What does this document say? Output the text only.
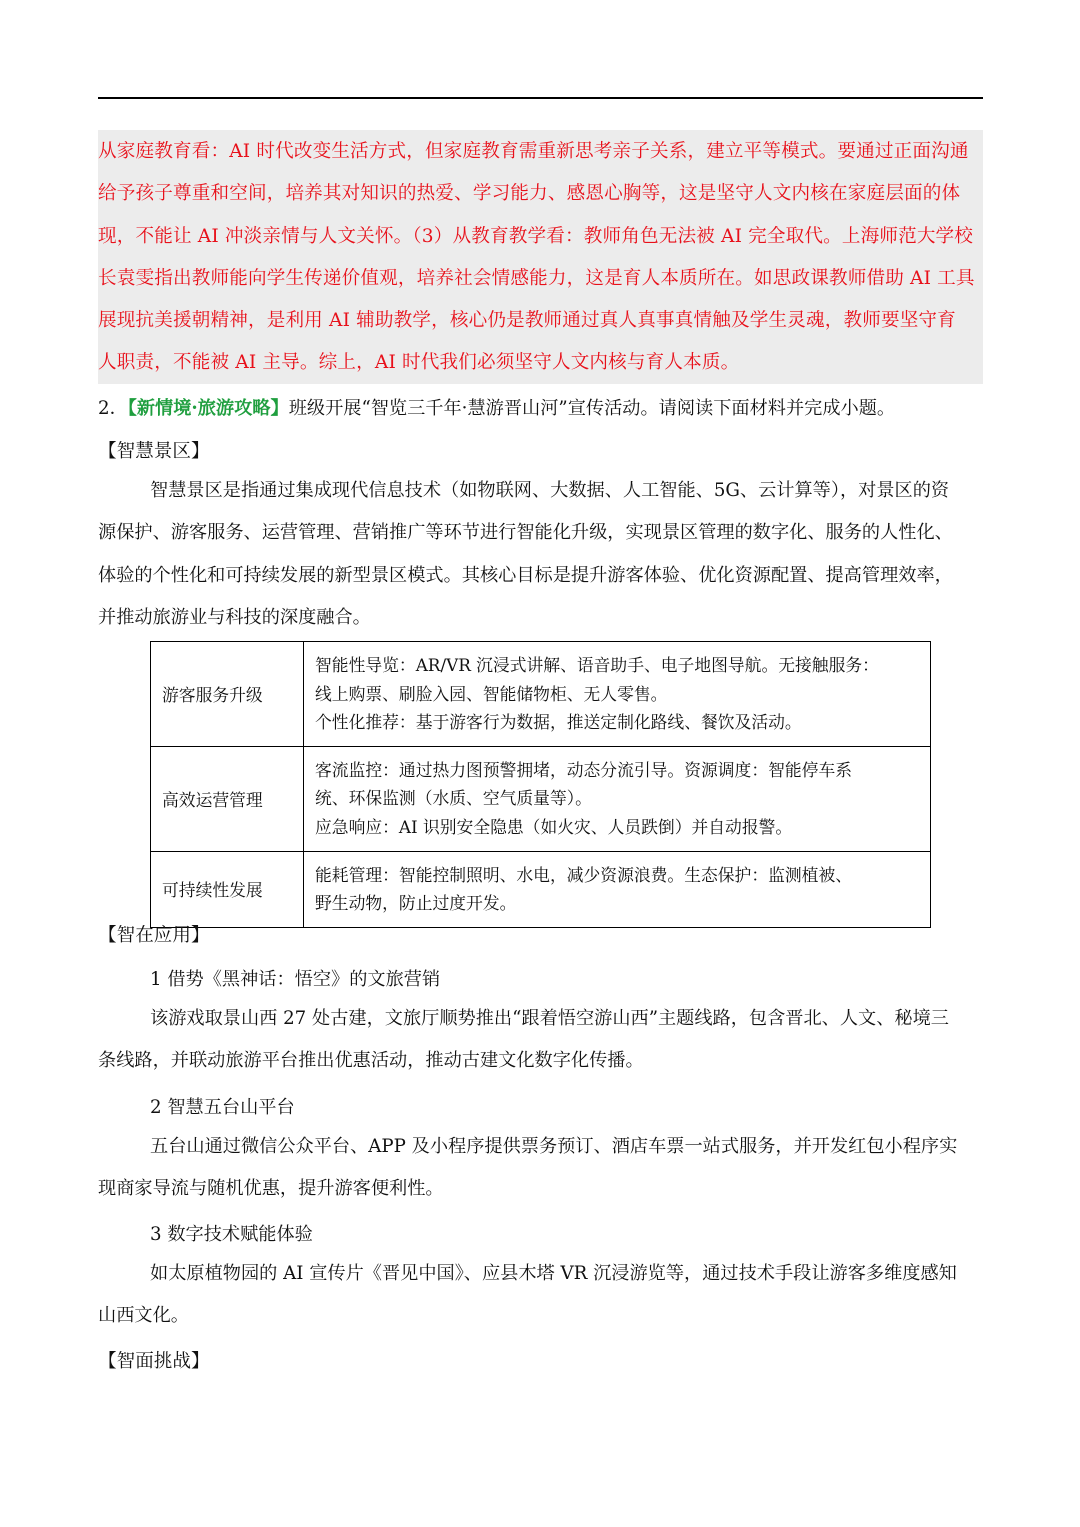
从家庭教育看：AI 时代改变生活方式，但家庭教育需重新思考亲子关系，建立平等模式。要通过正面沟通

给予孩子尊重和空间，培养其对知识的热爱、学习能力、感恩心胸等，这是坚守人文内核在家庭层面的体

现，不能让 AI 冲淡亲情与人文关怀。（3）从教育教学看：教师角色无法被 AI 完全取代。上海师范大学校

长袁雯指出教师能向学生传递价值观，培养社会情感能力，这是育人本质所在。如思政课教师借助 AI 工具

展现抗美援朝精神，是利用 AI 辅助教学，核心仍是教师通过真人真事真情触及学生灵魂，教师要坚守育

人职责，不能被 AI 主导。综上，AI 时代我们必须坚守人文内核与育人本质。

2．【新情境·旅游攻略】班级开展“智览三千年·慧游晋山河”宣传活动。请阅读下面材料并完成小题。

【智慧景区】

智慧景区是指通过集成现代信息技术（如物联网、大数据、人工智能、5G、云计算等），对景区的资

源保护、游客服务、运营管理、营销推广等环节进行智能化升级，实现景区管理的数字化、服务的人性化、

体验的个性化和可持续发展的新型景区模式。其核心目标是提升游客体验、优化资源配置、提高管理效率，

并推动旅游业与科技的深度融合。

游客服务升级	智能性导览：AR/VR 沉浸式讲解、语音助手、电子地图导航。无接触服务：
线上购票、刷脸入园、智能储物柜、无人零售。
个性化推荐：基于游客行为数据，推送定制化路线、餐饮及活动。

高效运营管理	客流监控：通过热力图预警拥堵，动态分流引导。资源调度：智能停车系
统、环保监测（水质、空气质量等）。
应急响应：AI 识别安全隐患（如火灾、人员跌倒）并自动报警。

可持续性发展	能耗管理：智能控制照明、水电，减少资源浪费。生态保护：监测植被、
野生动物，防止过度开发。

【智在应用】

1 借势《黑神话：悟空》的文旅营销

该游戏取景山西 27 处古建，文旅厅顺势推出“跟着悟空游山西”主题线路，包含晋北、人文、秘境三

条线路，并联动旅游平台推出优惠活动，推动古建文化数字化传播。

2 智慧五台山平台

五台山通过微信公众平台、APP 及小程序提供票务预订、酒店车票一站式服务，并开发红包小程序实

现商家导流与随机优惠，提升游客便利性。

3 数字技术赋能体验

如太原植物园的 AI 宣传片《晋见中国》、应县木塔 VR 沉浸游览等，通过技术手段让游客多维度感知

山西文化。

【智面挑战】
